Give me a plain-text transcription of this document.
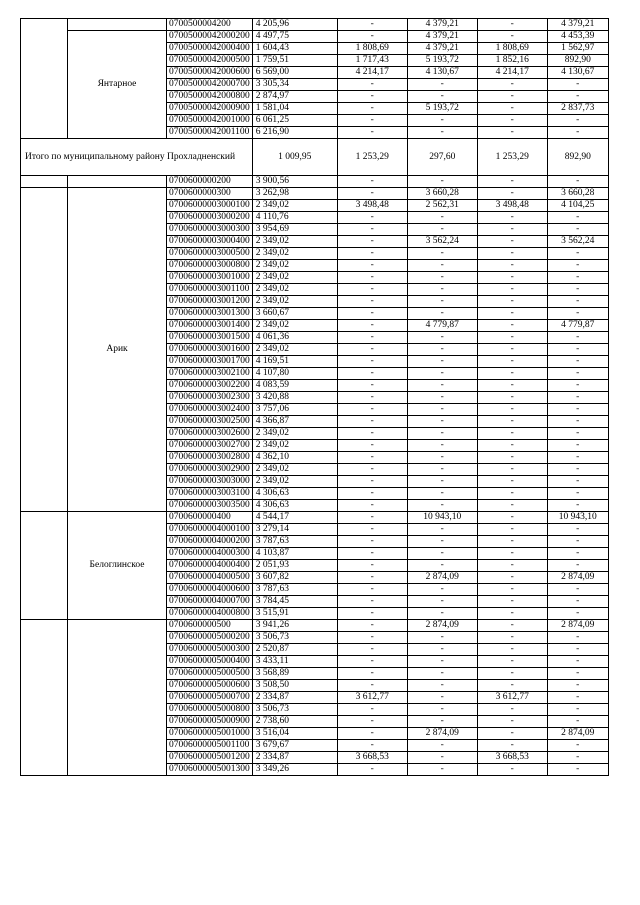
		0700500004200	4 205,96	-	4 379,21	-	4 379,21
	Янтарное	07005000042000200	4 497,75	-	4 379,21	-	4 453,39
		07005000042000400	1 604,43	1 808,69	4 379,21	1 808,69	1 562,97
		07005000042000500	1 759,51	1 717,43	5 193,72	1 852,16	892,90
		07005000042000600	6 569,00	4 214,17	4 130,67	4 214,17	4 130,67
		07005000042000700	3 305,34	-	-	-	-
		07005000042000800	2 874,97	-	-	-	-
		07005000042000900	1 581,04	-	5 193,72	-	2 837,73
		07005000042001000	6 061,25	-	-	-	-
		07005000042001100	6 216,90	-	-	-	-
Итого по муниципальному району Прохладненский			1 009,95	1 253,29	297,60	1 253,29	892,90
		0700600000200	3 900,56	-	-	-	-
	Арик	0700600000300	3 262,98	-	3 660,28	-	3 660,28
		07006000003000100	2 349,02	3 498,48	2 562,31	3 498,48	4 104,25
		07006000003000200	4 110,76	-	-	-	-
		07006000003000300	3 954,69	-	-	-	-
		07006000003000400	2 349,02	-	3 562,24	-	3 562,24
		07006000003000500	2 349,02	-	-	-	-
		07006000003000800	2 349,02	-	-	-	-
		07006000003001000	2 349,02	-	-	-	-
		07006000003001100	2 349,02	-	-	-	-
		07006000003001200	2 349,02	-	-	-	-
		07006000003001300	3 660,67	-	-	-	-
		07006000003001400	2 349,02	-	4 779,87	-	4 779,87
		07006000003001500	4 061,36	-	-	-	-
		07006000003001600	2 349,02	-	-	-	-
		07006000003001700	4 169,51	-	-	-	-
		07006000003002100	4 107,80	-	-	-	-
		07006000003002200	4 083,59	-	-	-	-
		07006000003002300	3 420,88	-	-	-	-
		07006000003002400	3 757,06	-	-	-	-
		07006000003002500	4 366,87	-	-	-	-
		07006000003002600	2 349,02	-	-	-	-
		07006000003002700	2 349,02	-	-	-	-
		07006000003002800	4 362,10	-	-	-	-
		07006000003002900	2 349,02	-	-	-	-
		07006000003003000	2 349,02	-	-	-	-
		07006000003003100	4 306,63	-	-	-	-
		07006000003003500	4 306,63	-	-	-	-
	Белоглинское	0700600000400	4 544,17	-	10 943,10	-	10 943,10
		07006000004000100	3 279,14	-	-	-	-
		07006000004000200	3 787,63	-	-	-	-
		07006000004000300	4 103,87	-	-	-	-
		07006000004000400	2 051,93	-	-	-	-
		07006000004000500	3 607,82	-	2 874,09	-	2 874,09
		07006000004000600	3 787,63	-	-	-	-
		07006000004000700	3 784,45	-	-	-	-
		07006000004000800	3 515,91	-	-	-	-
		0700600000500	3 941,26	-	2 874,09	-	2 874,09
		07006000005000200	3 506,73	-	-	-	-
		07006000005000300	2 520,87	-	-	-	-
		07006000005000400	3 433,11	-	-	-	-
		07006000005000500	3 568,89	-	-	-	-
		07006000005000600	3 508,50	-	-	-	-
		07006000005000700	2 334,87	3 612,77	-	3 612,77	-
		07006000005000800	3 506,73	-	-	-	-
		07006000005000900	2 738,60	-	-	-	-
		07006000005001000	3 516,04	-	2 874,09	-	2 874,09
		07006000005001100	3 679,67	-	-	-	-
		07006000005001200	2 334,87	3 668,53	-	3 668,53	-
		07006000005001300	3 349,26	-	-	-	-
